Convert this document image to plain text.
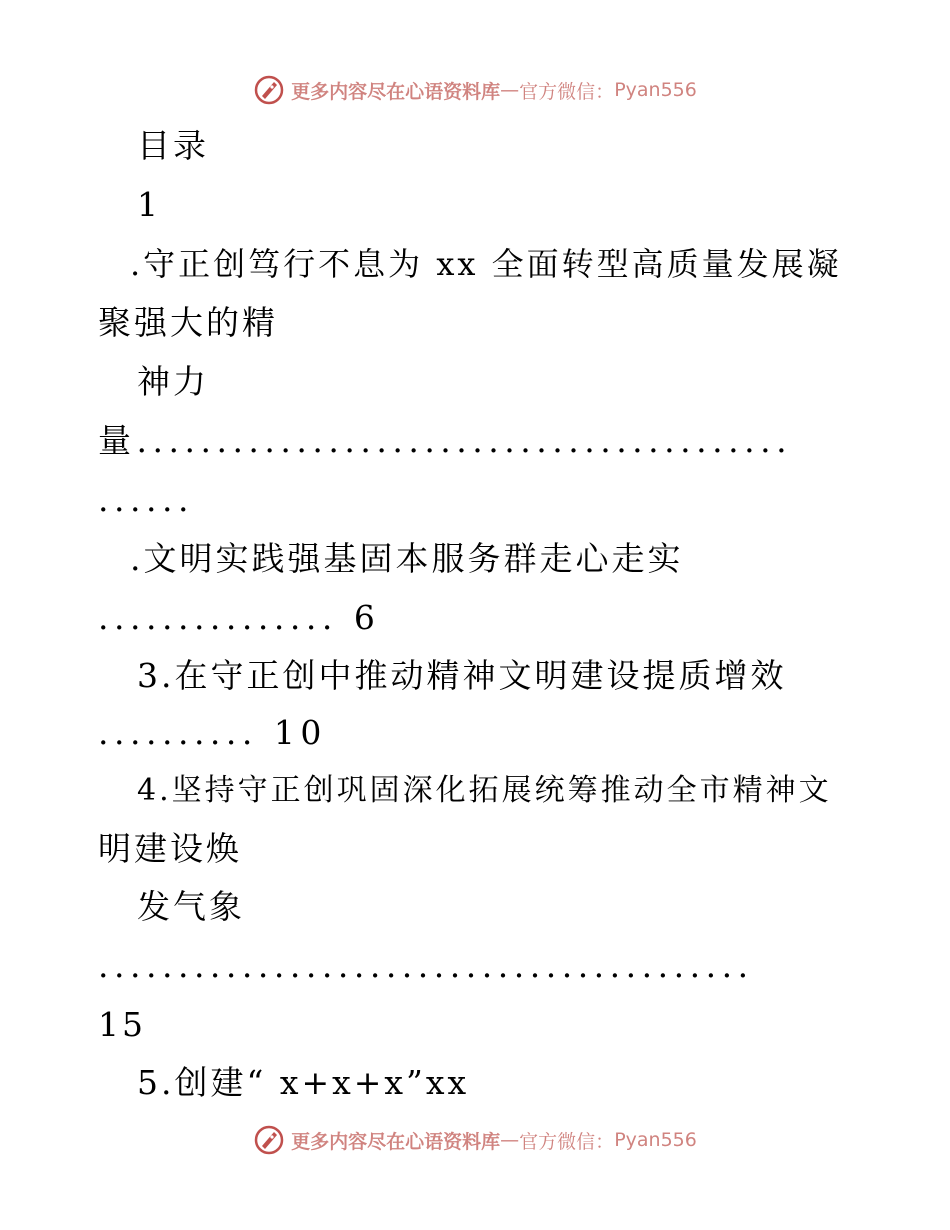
更多内容尽在心语资料库 — 官方微信： Pyan556
目录
1
.守正创笃行不息为 xx 全面转型高质量发展凝
聚强大的精
神力
量.........................................
......
.文明实践强基固本服务群走心走实
............... 6
3.在守正创中推动精神文明建设提质增效
.......... 10
4.坚持守正创巩固深化拓展统筹推动全市精神文
明建设焕
发气象
.........................................
15
5.创建“ x+x+x”xx
更多内容尽在心语资料库 — 官方微信： Pyan556
